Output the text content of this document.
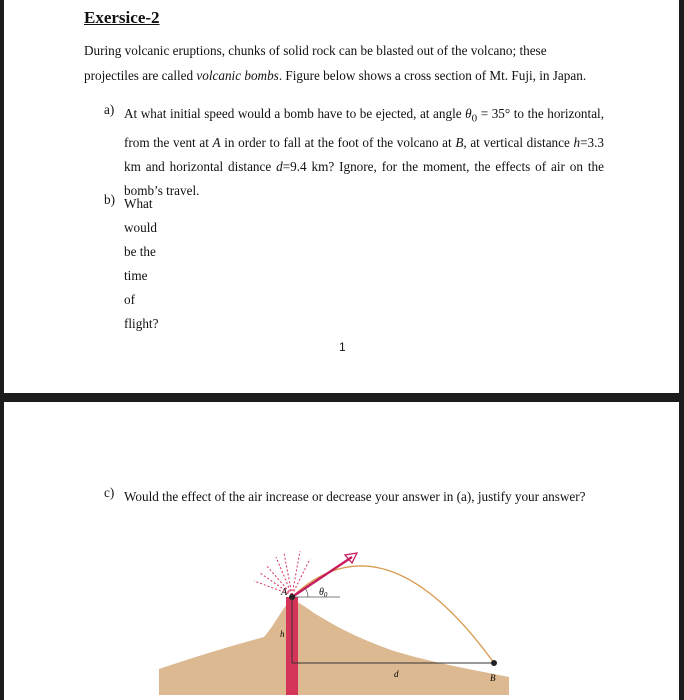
Exersice-2

During volcanic eruptions, chunks of solid rock can be blasted out of the volcano; these projectiles are called volcanic bombs. Figure below shows a cross section of Mt. Fuji, in Japan.

a) At what initial speed would a bomb have to be ejected, at angle $\theta_0 = 35^\circ$ to the horizontal, from the vent at A in order to fall at the foot of the volcano at B, at vertical distance h=3.3 km and horizontal distance d=9.4 km? Ignore, for the moment, the effects of air on the bomb’s travel.

b) What would be the time of flight?
1
c) Would the effect of the air increase or decrease your answer in (a), justify your answer?
A	$\theta_0$
h
d	B
